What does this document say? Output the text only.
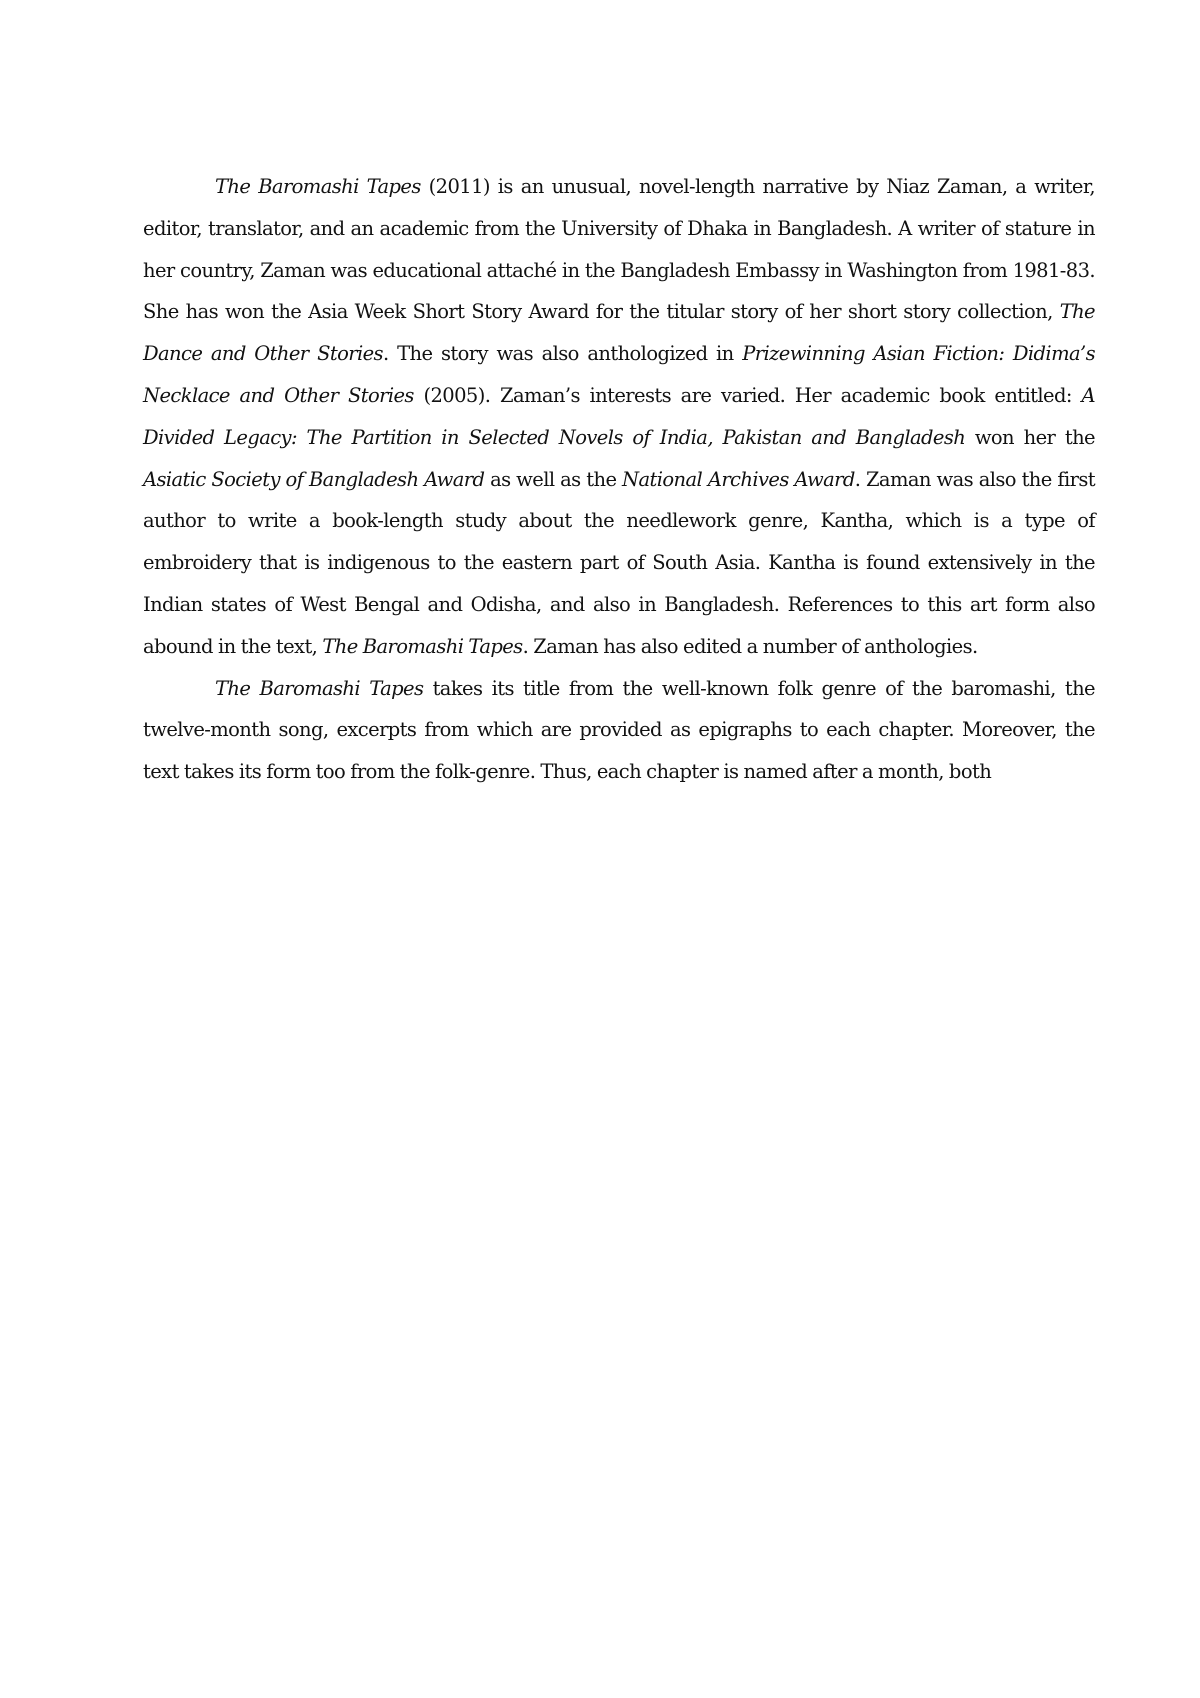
The Baromashi Tapes (2011) is an unusual, novel-length narrative by Niaz Zaman, a writer, editor, translator, and an academic from the University of Dhaka in Bangladesh. A writer of stature in her country, Zaman was educational attaché in the Bangladesh Embassy in Washington from 1981-83. She has won the Asia Week Short Story Award for the titular story of her short story collection, The Dance and Other Stories. The story was also anthologized in Prizewinning Asian Fiction: Didima’s Necklace and Other Stories (2005). Zaman’s interests are varied. Her academic book entitled: A Divided Legacy: The Partition in Selected Novels of India, Pakistan and Bangladesh won her the Asiatic Society of Bangladesh Award as well as the National Archives Award. Zaman was also the first author to write a book-length study about the needlework genre, Kantha, which is a type of embroidery that is indigenous to the eastern part of South Asia. Kantha is found extensively in the Indian states of West Bengal and Odisha, and also in Bangladesh. References to this art form also abound in the text, The Baromashi Tapes. Zaman has also edited a number of anthologies.

The Baromashi Tapes takes its title from the well-known folk genre of the baromashi, the twelve-month song, excerpts from which are provided as epigraphs to each chapter. Moreover, the text takes its form too from the folk-genre. Thus, each chapter is named after a month, both
